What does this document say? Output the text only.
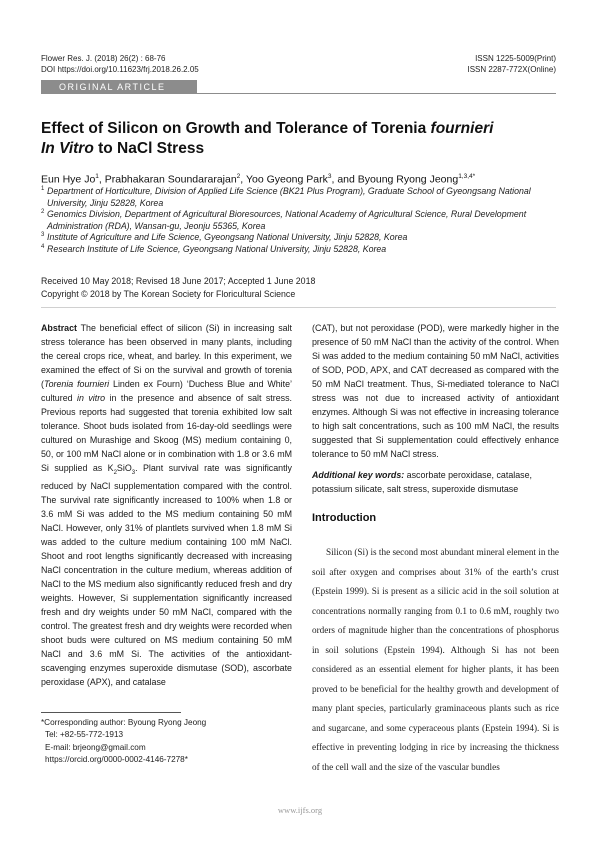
Flower Res. J. (2018) 26(2) : 68-76
DOI https://doi.org/10.11623/frj.2018.26.2.05
ISSN 1225-5009(Print)
ISSN 2287-772X(Online)
ORIGINAL ARTICLE
Effect of Silicon on Growth and Tolerance of Torenia fournieri
In Vitro to NaCl Stress
Eun Hye Jo$^1$, Prabhakaran Soundararajan$^2$, Yoo Gyeong Park$^3$, and Byoung Ryong Jeong$^{1,3,4*}$
1 Department of Horticulture, Division of Applied Life Science (BK21 Plus Program), Graduate School of Gyeongsang National University, Jinju 52828, Korea
2 Genomics Division, Department of Agricultural Bioresources, National Academy of Agricultural Science, Rural Development Administration (RDA), Wansan-gu, Jeonju 55365, Korea
3 Institute of Agriculture and Life Science, Gyeongsang National University, Jinju 52828, Korea
4 Research Institute of Life Science, Gyeongsang National University, Jinju 52828, Korea
Received 10 May 2018; Revised 18 June 2017; Accepted 1 June 2018
Copyright © 2018 by The Korean Society for Floricultural Science
Abstract The beneficial effect of silicon (Si) in increasing salt stress tolerance has been observed in many plants, including the cereal crops rice, wheat, and barley. In this experiment, we examined the effect of Si on the survival and growth of torenia (Torenia fournieri Linden ex Fourn) ‘Duchess Blue and White’ cultured in vitro in the presence and absence of salt stress. Previous reports had suggested that torenia exhibited low salt tolerance. Shoot buds isolated from 16-day-old seedlings were cultured on Murashige and Skoog (MS) medium containing 0, 50, or 100 mM NaCl alone or in combination with 1.8 or 3.6 mM Si supplied as $K_2SiO_3$. Plant survival rate was significantly reduced by NaCl supplementation compared with the control. The survival rate significantly increased to 100% when 1.8 or 3.6 mM Si was added to the MS medium containing 50 mM NaCl. However, only 31% of plantlets survived when 1.8 mM Si was added to the culture medium containing 100 mM NaCl. Shoot and root lengths significantly decreased with increasing NaCl concentration in the culture medium, whereas addition of NaCl to the MS medium also significantly reduced fresh and dry weights. However, Si supplementation significantly increased fresh and dry weights under 50 mM NaCl, compared with the control. The greatest fresh and dry weights were recorded when shoot buds were cultured on MS medium containing 50 mM NaCl and 3.6 mM Si. The activities of the antioxidant-scavenging enzymes superoxide dismutase (SOD), ascorbate peroxidase (APX), and catalase
(CAT), but not peroxidase (POD), were markedly higher in the presence of 50 mM NaCl than the activity of the control. When Si was added to the medium containing 50 mM NaCl, activities of SOD, POD, APX, and CAT decreased as compared with the 50 mM NaCl treatment. Thus, Si-mediated tolerance to NaCl stress was not due to increased activity of antioxidant enzymes. Although Si was not effective in increasing tolerance to high salt concentrations, such as 100 mM NaCl, the results suggested that Si supplementation could effectively enhance tolerance to 50 mM NaCl stress.
Additional key words: ascorbate peroxidase, catalase, potassium silicate, salt stress, superoxide dismutase
Introduction

Silicon (Si) is the second most abundant mineral element in the soil after oxygen and comprises about 31% of the earth’s crust (Epstein 1999). Si is present as a silicic acid in the soil solution at concentrations normally ranging from 0.1 to 0.6 mM, roughly two orders of magnitude higher than the concentrations of phosphorus in soil solutions (Epstein 1994). Although Si has not been considered as an essential element for higher plants, it has been proved to be beneficial for the healthy growth and development of many plant species, particularly graminaceous plants such as rice and sugarcane, and some cyperaceous plants (Epstein 1994). Si is effective in preventing lodging in rice by increasing the thickness of the cell wall and the size of the vascular bundles

*Corresponding author: Byoung Ryong Jeong
Tel: +82-55-772-1913
E-mail: brjeong@gmail.com
https://orcid.org/0000-0002-4146-7278*
www.ijfs.org
